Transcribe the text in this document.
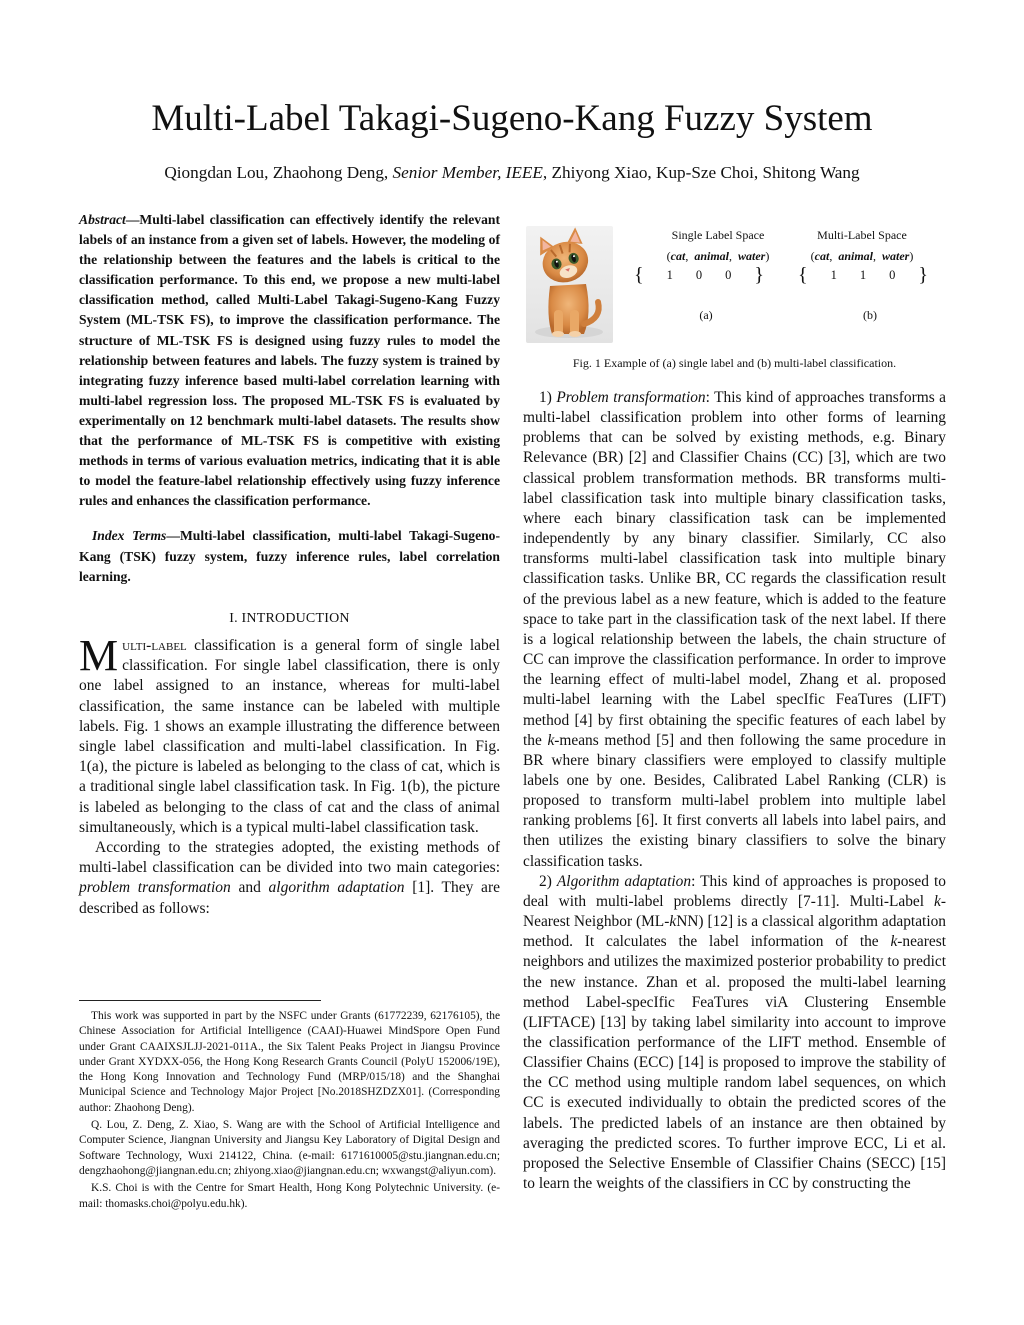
Multi-Label Takagi-Sugeno-Kang Fuzzy System
Qiongdan Lou, Zhaohong Deng, Senior Member, IEEE, Zhiyong Xiao, Kup-Sze Choi, Shitong Wang

Abstract—Multi-label classification can effectively identify the relevant labels of an instance from a given set of labels. However, the modeling of the relationship between the features and the labels is critical to the classification performance. To this end, we propose a new multi-label classification method, called Multi-Label Takagi-Sugeno-Kang Fuzzy System (ML-TSK FS), to improve the classification performance. The structure of ML-TSK FS is designed using fuzzy rules to model the relationship between features and labels. The fuzzy system is trained by integrating fuzzy inference based multi-label correlation learning with multi-label regression loss. The proposed ML-TSK FS is evaluated by experimentally on 12 benchmark multi-label datasets. The results show that the performance of ML-TSK FS is competitive with existing methods in terms of various evaluation metrics, indicating that it is able to model the feature-label relationship effectively using fuzzy inference rules and enhances the classification performance.

Index Terms—Multi-label classification, multi-label Takagi-Sugeno-Kang (TSK) fuzzy system, fuzzy inference rules, label correlation learning.

I. INTRODUCTION

Multi-label classification is a general form of single label classification. For single label classification, there is only one label assigned to an instance, whereas for multi-label classification, the same instance can be labeled with multiple labels. Fig. 1 shows an example illustrating the difference between single label classification and multi-label classification. In Fig. 1(a), the picture is labeled as belonging to the class of cat, which is a traditional single label classification task. In Fig. 1(b), the picture is labeled as belonging to the class of cat and the class of animal simultaneously, which is a typical multi-label classification task.

According to the strategies adopted, the existing methods of multi-label classification can be divided into two main categories: problem transformation and algorithm adaptation [1]. They are described as follows:

This work was supported in part by the NSFC under Grants (61772239, 62176105), the Chinese Association for Artificial Intelligence (CAAI)-Huawei MindSpore Open Fund under Grant CAAIXSJLJJ-2021-011A., the Six Talent Peaks Project in Jiangsu Province under Grant XYDXX-056, the Hong Kong Research Grants Council (PolyU 152006/19E), the Hong Kong Innovation and Technology Fund (MRP/015/18) and the Shanghai Municipal Science and Technology Major Project [No.2018SHZDZX01]. (Corresponding author: Zhaohong Deng).

Q. Lou, Z. Deng, Z. Xiao, S. Wang are with the School of Artificial Intelligence and Computer Science, Jiangnan University and Jiangsu Key Laboratory of Digital Design and Software Technology, Wuxi 214122, China. (e-mail: 6171610005@stu.jiangnan.edu.cn; dengzhaohong@jiangnan.edu.cn; zhiyong.xiao@jiangnan.edu.cn; wxwangst@aliyun.com).

K.S. Choi is with the Centre for Smart Health, Hong Kong Polytechnic University. (e-mail: thomasks.choi@polyu.edu.hk).

Single Label Space	Multi-Label Space
(cat,  animal,  water)	(cat,  animal,  water)
{ 1 0 0 } { 1 1 0 }
(a)	(b)
Fig. 1 Example of (a) single label and (b) multi-label classification.

1) Problem transformation: This kind of approaches transforms a multi-label classification problem into other forms of learning problems that can be solved by existing methods, e.g. Binary Relevance (BR) [2] and Classifier Chains (CC) [3], which are two classical problem transformation methods. BR transforms multi-label classification task into multiple binary classification tasks, where each binary classification task can be implemented independently by any binary classifier. Similarly, CC also transforms multi-label classification task into multiple binary classification tasks. Unlike BR, CC regards the classification result of the previous label as a new feature, which is added to the feature space to take part in the classification task of the next label. If there is a logical relationship between the labels, the chain structure of CC can improve the classification performance. In order to improve the learning effect of multi-label model, Zhang et al. proposed multi-label learning with the Label specIfic FeaTures (LIFT) method [4] by first obtaining the specific features of each label by the k-means method [5] and then following the same procedure in BR where binary classifiers were employed to classify multiple labels one by one. Besides, Calibrated Label Ranking (CLR) is proposed to transform multi-label problem into multiple label ranking problems [6]. It first converts all labels into label pairs, and then utilizes the existing binary classifiers to solve the binary classification tasks.

2) Algorithm adaptation: This kind of approaches is proposed to deal with multi-label problems directly [7-11]. Multi-Label k-Nearest Neighbor (ML-kNN) [12] is a classical algorithm adaptation method. It calculates the label information of the k-nearest neighbors and utilizes the maximized posterior probability to predict the new instance. Zhan et al. proposed the multi-label learning method Label-specIfic FeaTures viA Clustering Ensemble (LIFTACE) [13] by taking label similarity into account to improve the classification performance of the LIFT method. Ensemble of Classifier Chains (ECC) [14] is proposed to improve the stability of the CC method using multiple random label sequences, on which CC is executed individually to obtain the predicted scores of the labels. The predicted labels of an instance are then obtained by averaging the predicted scores. To further improve ECC, Li et al. proposed the Selective Ensemble of Classifier Chains (SECC) [15] to learn the weights of the classifiers in CC by constructing the
